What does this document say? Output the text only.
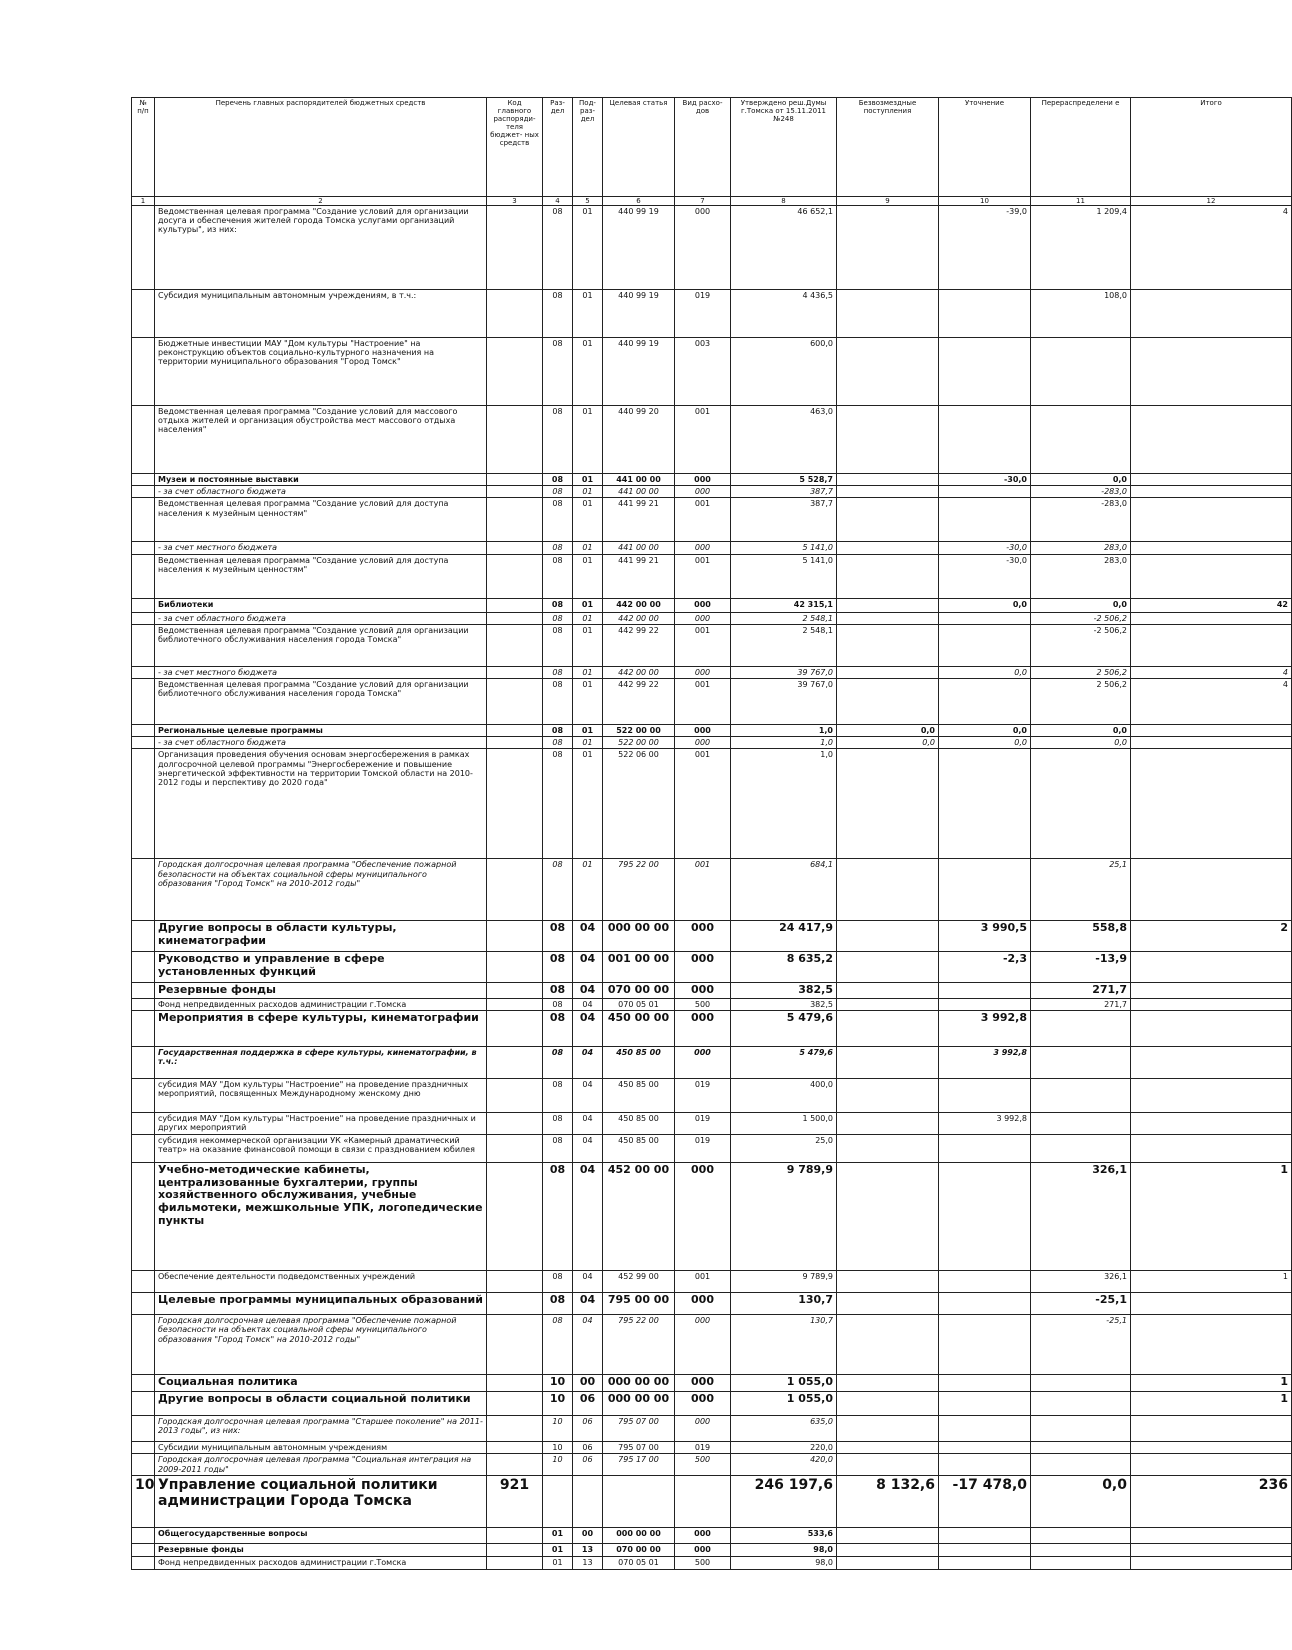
№ п/п	Перечень главных распорядителей бюджетных средств	Код главного распоряди- теля бюджет- ных средств	Раз- дел	Под- раз- дел	Целевая статья	Вид расхо- дов	Утверждено реш.Думы г.Томска от 15.11.2011 №248	Безвозмездные поступления	Уточнение	Перераспределени е	Итого
1	2	3	4	5	6	7	8	9	10	11	12
	Ведомственная целевая программа "Создание условий для организации досуга и обеспечения жителей города Томска услугами организаций культуры", из них:		08	01	440 99 19	000	46 652,1		-39,0	1 209,4	4
	Субсидия муниципальным автономным учреждениям, в т.ч.:		08	01	440 99 19	019	4 436,5			108,0	
	Бюджетные инвестиции МАУ "Дом культуры "Настроение" на реконструкцию объектов социально-культурного назначения на территории муниципального образования "Город Томск"		08	01	440 99 19	003	600,0				
	Ведомственная целевая программа "Создание условий для массового отдыха жителей и организация обустройства мест массового отдыха населения"		08	01	440 99 20	001	463,0				
	Музеи и постоянные выставки		08	01	441 00 00	000	5 528,7		-30,0	0,0	
	- за счет областного бюджета		08	01	441 00 00	000	387,7			-283,0	
	Ведомственная целевая программа "Создание условий для доступа населения к музейным ценностям"		08	01	441 99 21	001	387,7			-283,0	
	- за счет местного бюджета		08	01	441 00 00	000	5 141,0		-30,0	283,0	
	Ведомственная целевая программа "Создание условий для доступа населения к музейным ценностям"		08	01	441 99 21	001	5 141,0		-30,0	283,0	
	Библиотеки		08	01	442 00 00	000	42 315,1		0,0	0,0	42
	- за счет областного бюджета		08	01	442 00 00	000	2 548,1			-2 506,2	
	Ведомственная целевая программа "Создание условий для организации библиотечного обслуживания населения города Томска"		08	01	442 99 22	001	2 548,1			-2 506,2	
	- за счет местного бюджета		08	01	442 00 00	000	39 767,0		0,0	2 506,2	4
	Ведомственная целевая программа "Создание условий для организации библиотечного обслуживания населения города Томска"		08	01	442 99 22	001	39 767,0			2 506,2	4
	Региональные целевые программы		08	01	522 00 00	000	1,0	0,0	0,0	0,0	
	- за счет областного бюджета		08	01	522 00 00	000	1,0	0,0	0,0	0,0	
	Организация проведения обучения основам энергосбережения в рамках долгосрочной целевой программы "Энергосбережение и повышение энергетической эффективности на территории Томской области на 2010-2012 годы и перспективу до 2020 года"		08	01	522 06 00	001	1,0				
	Городская долгосрочная целевая программа "Обеспечение пожарной безопасности на объектах социальной сферы муниципального образования "Город Томск" на 2010-2012 годы"		08	01	795 22 00	001	684,1			25,1	
	Другие вопросы в области культуры, кинематографии		08	04	000 00 00	000	24 417,9		3 990,5	558,8	2
	Руководство и управление в сфере установленных функций		08	04	001 00 00	000	8 635,2		-2,3	-13,9	
	Резервные фонды		08	04	070 00 00	000	382,5			271,7	
	Фонд непредвиденных расходов администрации г.Томска		08	04	070 05 01	500	382,5			271,7	
	Мероприятия в сфере культуры, кинематографии		08	04	450 00 00	000	5 479,6		3 992,8		
	Государственная поддержка в сфере культуры, кинематографии, в т.ч.:		08	04	450 85 00	000	5 479,6		3 992,8		
	субсидия МАУ "Дом культуры "Настроение" на проведение праздничных мероприятий, посвященных Международному женскому дню		08	04	450 85 00	019	400,0				
	субсидия МАУ "Дом культуры "Настроение" на проведение праздничных и других мероприятий		08	04	450 85 00	019	1 500,0		3 992,8		
	субсидия некоммерческой организации УК «Камерный драматический театр» на оказание финансовой помощи в связи с празднованием юбилея		08	04	450 85 00	019	25,0				
	Учебно-методические кабинеты, централизованные бухгалтерии, группы хозяйственного обслуживания, учебные фильмотеки, межшкольные УПК, логопедические пункты		08	04	452 00 00	000	9 789,9			326,1	1
	Обеспечение деятельности подведомственных учреждений		08	04	452 99 00	001	9 789,9			326,1	1
	Целевые программы муниципальных образований		08	04	795 00 00	000	130,7			-25,1	
	Городская долгосрочная целевая программа "Обеспечение пожарной безопасности на объектах социальной сферы муниципального образования "Город Томск" на 2010-2012 годы"		08	04	795 22 00	000	130,7			-25,1	
	Социальная политика		10	00	000 00 00	000	1 055,0				1
	Другие вопросы в области социальной политики		10	06	000 00 00	000	1 055,0				1
	Городская долгосрочная целевая программа "Старшее поколение" на 2011-2013 годы", из них:		10	06	795 07 00	000	635,0				
	Субсидии муниципальным автономным учреждениям		10	06	795 07 00	019	220,0				
	Городская долгосрочная целевая программа "Социальная интеграция на 2009-2011 годы"		10	06	795 17 00	500	420,0				
10	Управление социальной политики администрации Города Томска	921					246 197,6	8 132,6	-17 478,0	0,0	236
	Общегосударственные вопросы		01	00	000 00 00	000	533,6				
	Резервные фонды		01	13	070 00 00	000	98,0				
	Фонд непредвиденных расходов администрации г.Томска		01	13	070 05 01	500	98,0				
